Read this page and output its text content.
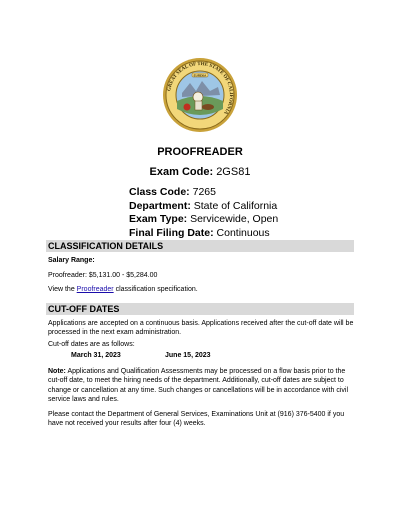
EUREKA
GREAT SEAL OF THE STATE OF CALIFORNIA
PROOFREADER
Exam Code: 2GS81
Class Code: 7265
Department: State of California
Exam Type: Servicewide, Open
Final Filing Date: Continuous
CLASSIFICATION DETAILS
Salary Range:
Proofreader: $5,131.00 - $5,284.00
View the Proofreader classification specification.
CUT-OFF DATES
Applications are accepted on a continuous basis. Applications received after the cut-off date will be processed in the next exam administration.
Cut-off dates are as follows:
March 31, 2023	June 15, 2023
Note: Applications and Qualification Assessments may be processed on a flow basis prior to the cut-off date, to meet the hiring needs of the department. Additionally, cut-off dates are subject to change or cancellation at any time. Such changes or cancellations will be in accordance with civil service laws and rules.
Please contact the Department of General Services, Examinations Unit at (916) 376-5400 if you have not received your results after four (4) weeks.
